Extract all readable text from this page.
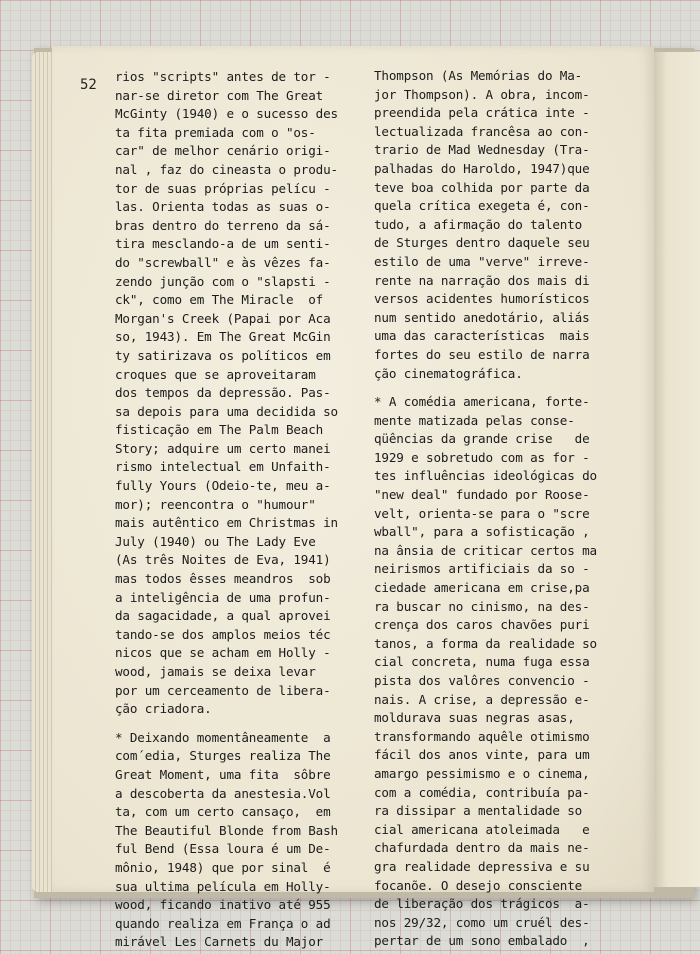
52
rios "scripts" antes de tor -
nar-se diretor com The Great
McGinty (1940) e o sucesso des
ta fita premiada com o "os-
car" de melhor cenário origi-
nal , faz do cineasta o produ-
tor de suas próprias pelícu -
las. Orienta todas as suas o-
bras dentro do terreno da sá-
tira mesclando-a de um senti-
do "screwball" e às vêzes fa-
zendo junção com o "slapsti -
ck", como em The Miracle  of
Morgan's Creek (Papai por Aca
so, 1943). Em The Great McGin
ty satirizava os políticos em
croques que se aproveitaram
dos tempos da depressão. Pas-
sa depois para uma decidida so
fisticação em The Palm Beach
Story; adquire um certo manei
rismo intelectual em Unfaith-
fully Yours (Odeio-te, meu a-
mor); reencontra o "humour"
mais autêntico em Christmas in
July (1940) ou The Lady Eve
(As três Noites de Eva, 1941)
mas todos êsses meandros  sob
a inteligência de uma profun-
da sagacidade, a qual aprovei
tando-se dos amplos meios téc
nicos que se acham em Holly -
wood, jamais se deixa levar
por um cerceamento de libera-
ção criadora.
* Deixando momentâneamente  a
com´edia, Sturges realiza The
Great Moment, uma fita  sôbre
a descoberta da anestesia.Vol
ta, com um certo cansaço,  em
The Beautiful Blonde from Bash
ful Bend (Essa loura é um De-
mônio, 1948) que por sinal  é
sua ultima película em Holly-
wood, ficando inativo até 955
quando realiza em França o ad
mirável Les Carnets du Major
Thompson (As Memórias do Ma-
jor Thompson). A obra, incom-
preendida pela crática inte -
lectualizada francêsa ao con-
trario de Mad Wednesday (Tra-
palhadas do Haroldo, 1947)que
teve boa colhida por parte da
quela crítica exegeta é, con-
tudo, a afirmação do talento
de Sturges dentro daquele seu
estilo de uma "verve" irreve-
rente na narração dos mais di
versos acidentes humorísticos
num sentido anedotário, aliás
uma das características  mais
fortes do seu estilo de narra
ção cinematográfica.
* A comédia americana, forte-
mente matizada pelas conse-
qüências da grande crise   de
1929 e sobretudo com as for -
tes influências ideológicas do
"new deal" fundado por Roose-
velt, orienta-se para o "scre
wball", para a sofisticação ,
na ânsia de criticar certos ma
neirismos artificiais da so -
ciedade americana em crise,pa
ra buscar no cinismo, na des-
crença dos caros chavões puri
tanos, a forma da realidade so
cial concreta, numa fuga essa
pista dos valôres convencio -
nais. A crise, a depressão e-
moldurava suas negras asas,
transformando aquêle otimismo
fácil dos anos vinte, para um
amargo pessimismo e o cinema,
com a comédia, contribuía pa-
ra dissipar a mentalidade so
cial americana atoleimada   e
chafurdada dentro da mais ne-
gra realidade depressiva e su
focanõe. O desejo consciente
de liberação dos trágicos  a-
nos 29/32, como um cruél des-
pertar de um sono embalado  ,
